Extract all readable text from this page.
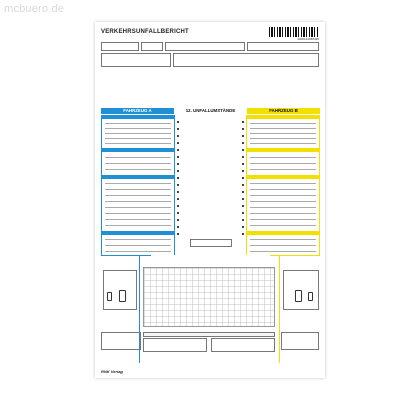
mcbuero.de
VERKEHRSUNFALLBERICHT
4006144088496
FAHRZEUG A	12. UNFALLUMSTÄNDE	FAHRZEUG B
RNK Verlag
